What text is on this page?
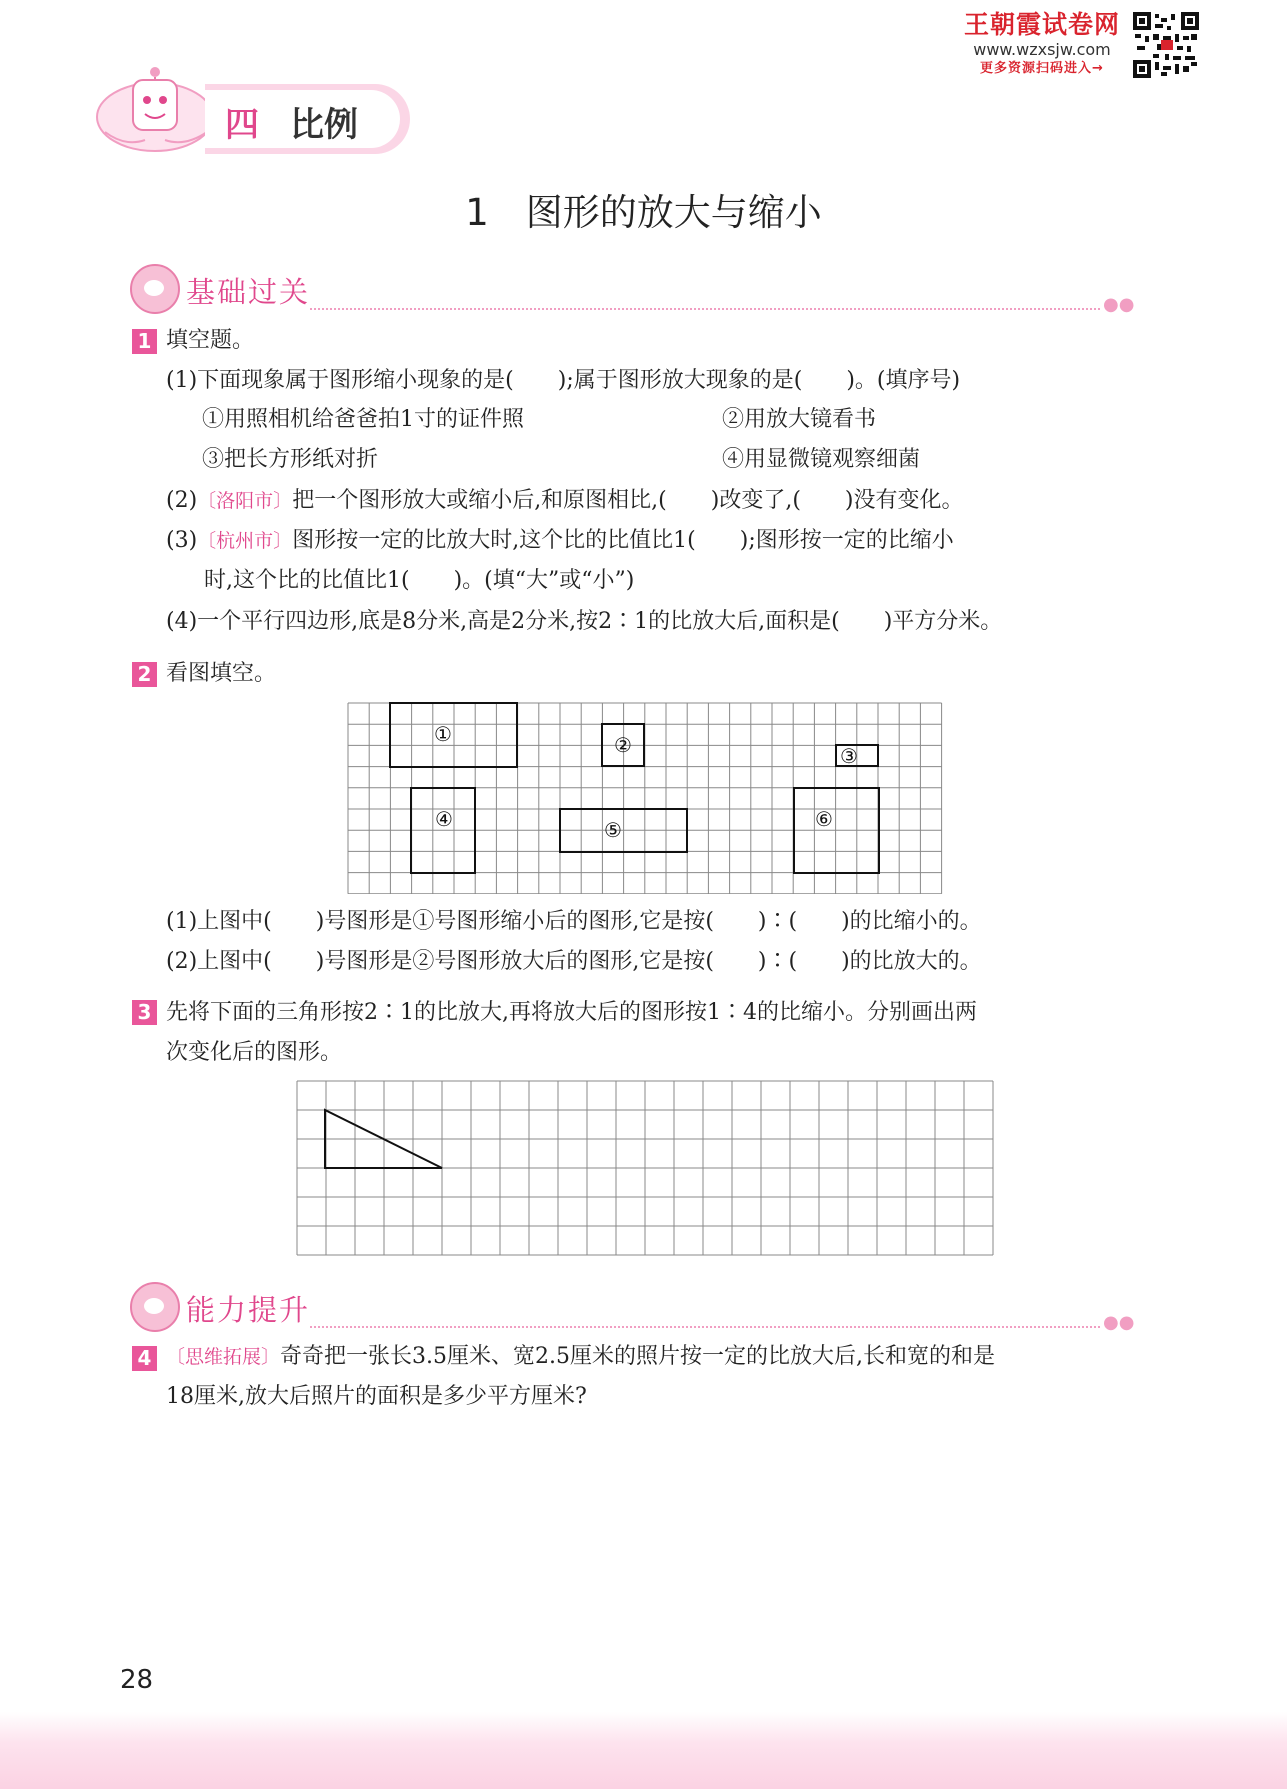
王朝霞试卷网
www.wzxsjw.com
更多资源扫码进入→
四 比例
1　图形的放大与缩小
基础过关	●●
1 填空题。
(1)下面现象属于图形缩小现象的是(　　);属于图形放大现象的是(　　)。(填序号)
①用照相机给爸爸拍1寸的证件照	②用放大镜看书
③把长方形纸对折	④用显微镜观察细菌
(2)〔洛阳市〕把一个图形放大或缩小后,和原图相比,(　　)改变了,(　　)没有变化。
(3)〔杭州市〕图形按一定的比放大时,这个比的比值比1(　　);图形按一定的比缩小
时,这个比的比值比1(　　)。(填“大”或“小”)
(4)一个平行四边形,底是8分米,高是2分米,按2∶1的比放大后,面积是(　　)平方分米。
2 看图填空。
①	②	③
④	⑤	⑥
(1)上图中(　　)号图形是①号图形缩小后的图形,它是按(　　)∶(　　)的比缩小的。
(2)上图中(　　)号图形是②号图形放大后的图形,它是按(　　)∶(　　)的比放大的。
3 先将下面的三角形按2∶1的比放大,再将放大后的图形按1∶4的比缩小。分别画出两
次变化后的图形。
能力提升	●●
4 〔思维拓展〕奇奇把一张长3.5厘米、宽2.5厘米的照片按一定的比放大后,长和宽的和是
18厘米,放大后照片的面积是多少平方厘米?
28
